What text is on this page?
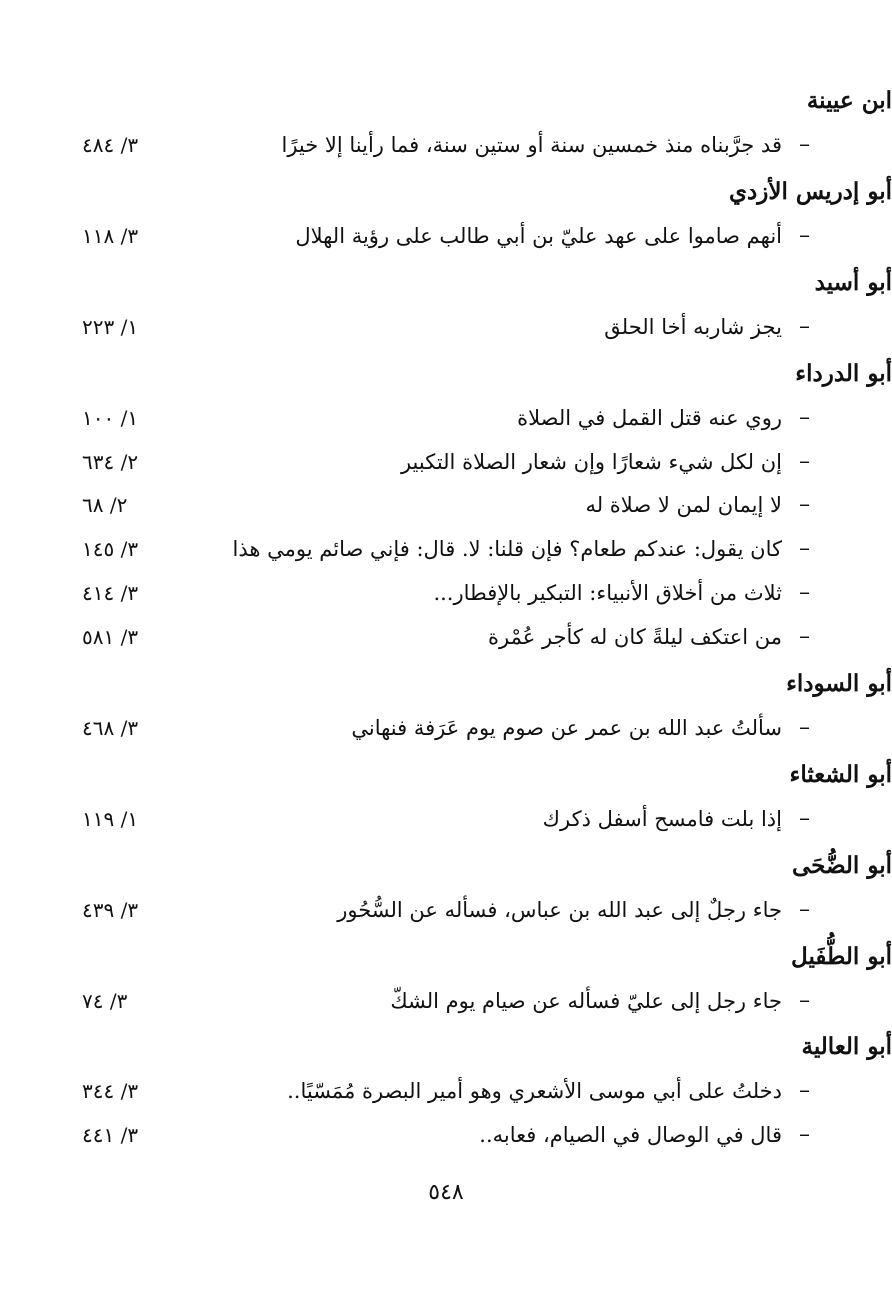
ابن عيينة
–
قد جرَّبناه منذ خمسين سنة أو ستين سنة، فما رأينا إلا خيرًا
٣/ ٤٨٤
أبو إدريس الأزدي
–
أنهم صاموا على عهد عليّ بن أبي طالب على رؤية الهلال
٣/ ١١٨
أبو أسيد
–
يجز شاربه أخا الحلق
١/ ٢٢٣
أبو الدرداء
–
روي عنه قتل القمل في الصلاة
١/ ١٠٠
–
إن لكل شيء شعارًا وإن شعار الصلاة التكبير
٢/ ٦٣٤
–
لا إيمان لمن لا صلاة له
٢/ ٦٨
–
كان يقول: عندكم طعام؟ فإن قلنا: لا. قال: فإني صائم يومي هذا
٣/ ١٤٥
–
ثلاث من أخلاق الأنبياء: التبكير بالإفطار...
٣/ ٤١٤
–
من اعتكف ليلةً كان له كأجر عُمْرة
٣/ ٥٨١
أبو السوداء
–
سألتُ عبد الله بن عمر عن صوم يوم عَرَفة فنهاني
٣/ ٤٦٨
أبو الشعثاء
–
إذا بلت فامسح أسفل ذكرك
١/ ١١٩
أبو الضُّحَى
–
جاء رجلٌ إلى عبد الله بن عباس، فسأله عن السُّحُور
٣/ ٤٣٩
أبو الطُّفَيل
–
جاء رجل إلى عليّ فسأله عن صيام يوم الشكّ
٣/ ٧٤
أبو العالية
–
دخلتُ على أبي موسى الأشعري وهو أمير البصرة مُمَسّيًا..
٣/ ٣٤٤
–
قال في الوصال في الصيام، فعابه..
٣/ ٤٤١
٥٤٨
